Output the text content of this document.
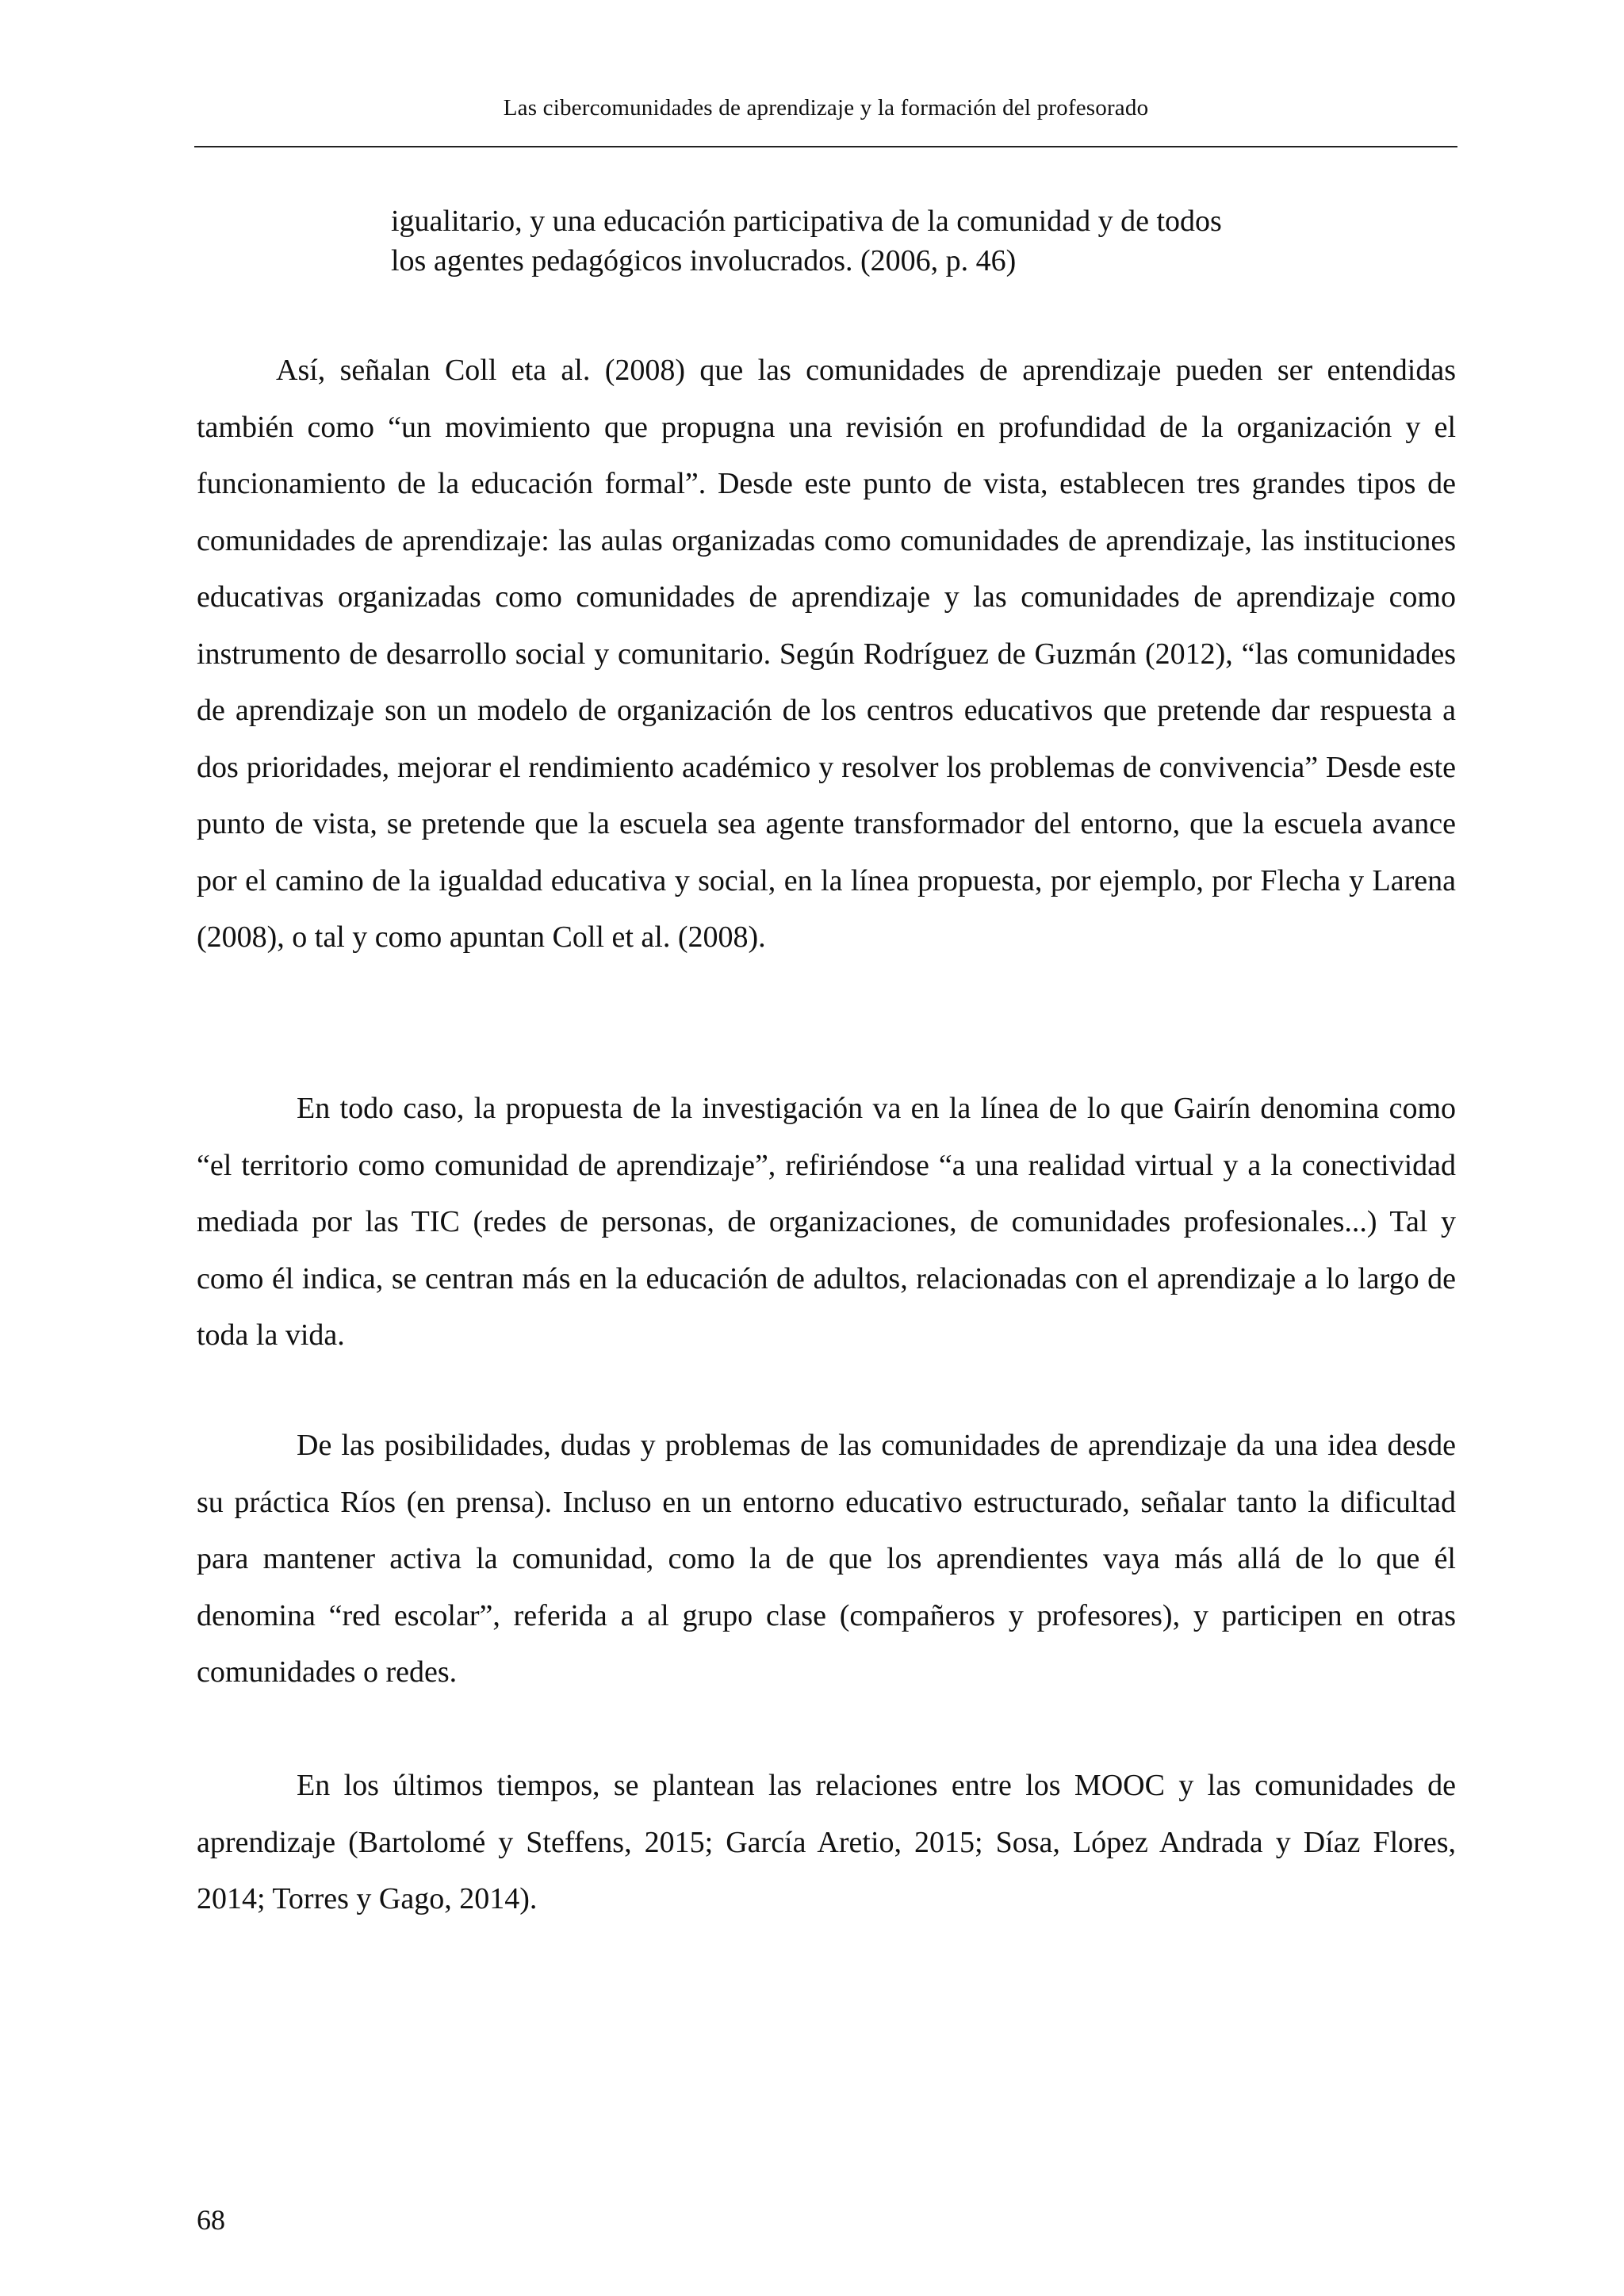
Las cibercomunidades de aprendizaje y la formación del profesorado

igualitario, y una educación participativa de la comunidad y de todos

los agentes pedagógicos involucrados. (2006, p. 46)

Así, señalan Coll eta al. (2008) que las comunidades de aprendizaje pueden ser entendidas también como “un movimiento que propugna una revisión en profundidad de la organización y el funcionamiento de la educación formal”. Desde este punto de vista, establecen tres grandes tipos de comunidades de aprendizaje: las aulas organizadas como comunidades de aprendizaje, las instituciones educativas organizadas como comunidades de aprendizaje y las comunidades de aprendizaje como instrumento de desarrollo social y comunitario. Según Rodríguez de Guzmán (2012), “las comunidades de aprendizaje son un modelo de organización de los centros educativos que pretende dar respuesta a dos prioridades, mejorar el rendimiento académico y resolver los problemas de convivencia” Desde este punto de vista, se pretende que la escuela sea agente transformador del entorno, que la escuela avance por el camino de la igualdad educativa y social, en la línea propuesta, por ejemplo, por Flecha y Larena (2008), o tal y como apuntan Coll et al. (2008).

En todo caso, la propuesta de la investigación va en la línea de lo que Gairín denomina como “el territorio como comunidad de aprendizaje”, refiriéndose “a una realidad virtual y a la conectividad mediada por las TIC (redes de personas, de organizaciones, de comunidades profesionales...) Tal y como él indica, se centran más en la educación de adultos, relacionadas con el aprendizaje a lo largo de toda la vida.

De las posibilidades, dudas y problemas de las comunidades de aprendizaje da una idea desde su práctica Ríos (en prensa). Incluso en un entorno educativo estructurado, señalar tanto la dificultad para mantener activa la comunidad, como la de que los aprendientes vaya más allá de lo que él denomina “red escolar”, referida a al grupo clase (compañeros y profesores), y participen en otras comunidades o redes.

En los últimos tiempos, se plantean las relaciones entre los MOOC y las comunidades de aprendizaje (Bartolomé y Steffens, 2015; García Aretio, 2015; Sosa, López Andrada y Díaz Flores, 2014; Torres y Gago, 2014).

68
